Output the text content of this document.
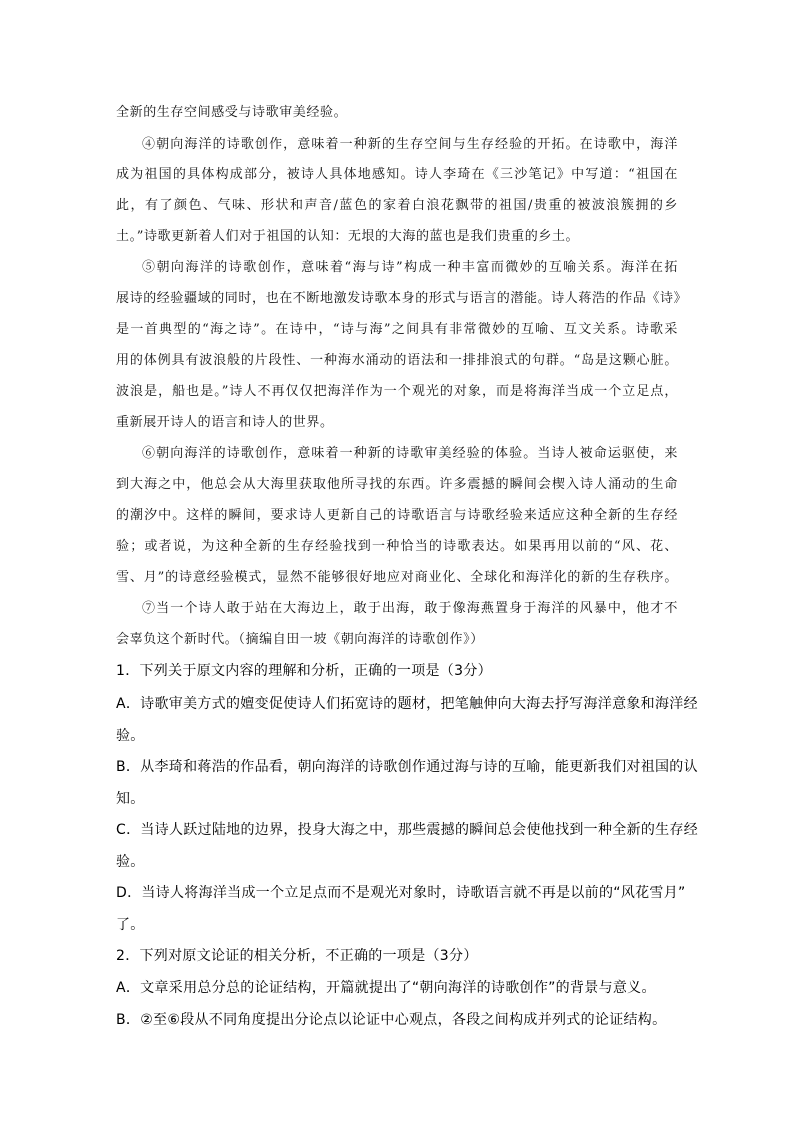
全新的生存空间感受与诗歌审美经验。
④朝向海洋的诗歌创作，意味着一种新的生存空间与生存经验的开拓。在诗歌中，海洋
成为祖国的具体构成部分，被诗人具体地感知。诗人李琦在《三沙笔记》中写道：“祖国在
此，有了颜色、气味、形状和声音/蓝色的家着白浪花飘带的祖国/贵重的被波浪簇拥的乡
土。”诗歌更新着人们对于祖国的认知：无垠的大海的蓝也是我们贵重的乡土。
⑤朝向海洋的诗歌创作，意味着“海与诗”构成一种丰富而微妙的互喻关系。海洋在拓
展诗的经验疆域的同时，也在不断地激发诗歌本身的形式与语言的潜能。诗人蒋浩的作品《诗》
是一首典型的“海之诗”。在诗中，“诗与海”之间具有非常微妙的互喻、互文关系。诗歌采
用的体例具有波浪般的片段性、一种海水涌动的语法和一排排浪式的句群。“岛是这颗心脏。
波浪是，船也是。”诗人不再仅仅把海洋作为一个观光的对象，而是将海洋当成一个立足点，
重新展开诗人的语言和诗人的世界。
⑥朝向海洋的诗歌创作，意味着一种新的诗歌审美经验的体验。当诗人被命运驱使，来
到大海之中，他总会从大海里获取他所寻找的东西。许多震撼的瞬间会楔入诗人涌动的生命
的潮汐中。这样的瞬间，要求诗人更新自己的诗歌语言与诗歌经验来适应这种全新的生存经
验；或者说，为这种全新的生存经验找到一种恰当的诗歌表达。如果再用以前的“风、花、
雪、月”的诗意经验模式，显然不能够很好地应对商业化、全球化和海洋化的新的生存秩序。
⑦当一个诗人敢于站在大海边上，敢于出海，敢于像海燕置身于海洋的风暴中，他才不
会辜负这个新时代。（摘编自田一坡《朝向海洋的诗歌创作》）
1．下列关于原文内容的理解和分析，正确的一项是（3分）
A．诗歌审美方式的嬗变促使诗人们拓宽诗的题材，把笔触伸向大海去抒写海洋意象和海洋经
验。
B．从李琦和蒋浩的作品看，朝向海洋的诗歌创作通过海与诗的互喻，能更新我们对祖国的认
知。
C．当诗人跃过陆地的边界，投身大海之中，那些震撼的瞬间总会使他找到一种全新的生存经
验。
D．当诗人将海洋当成一个立足点而不是观光对象时，诗歌语言就不再是以前的“风花雪月”
了。
2．下列对原文论证的相关分析，不正确的一项是（3分）
A．文章采用总分总的论证结构，开篇就提出了“朝向海洋的诗歌创作”的背景与意义。
B．②至⑥段从不同角度提出分论点以论证中心观点，各段之间构成并列式的论证结构。
